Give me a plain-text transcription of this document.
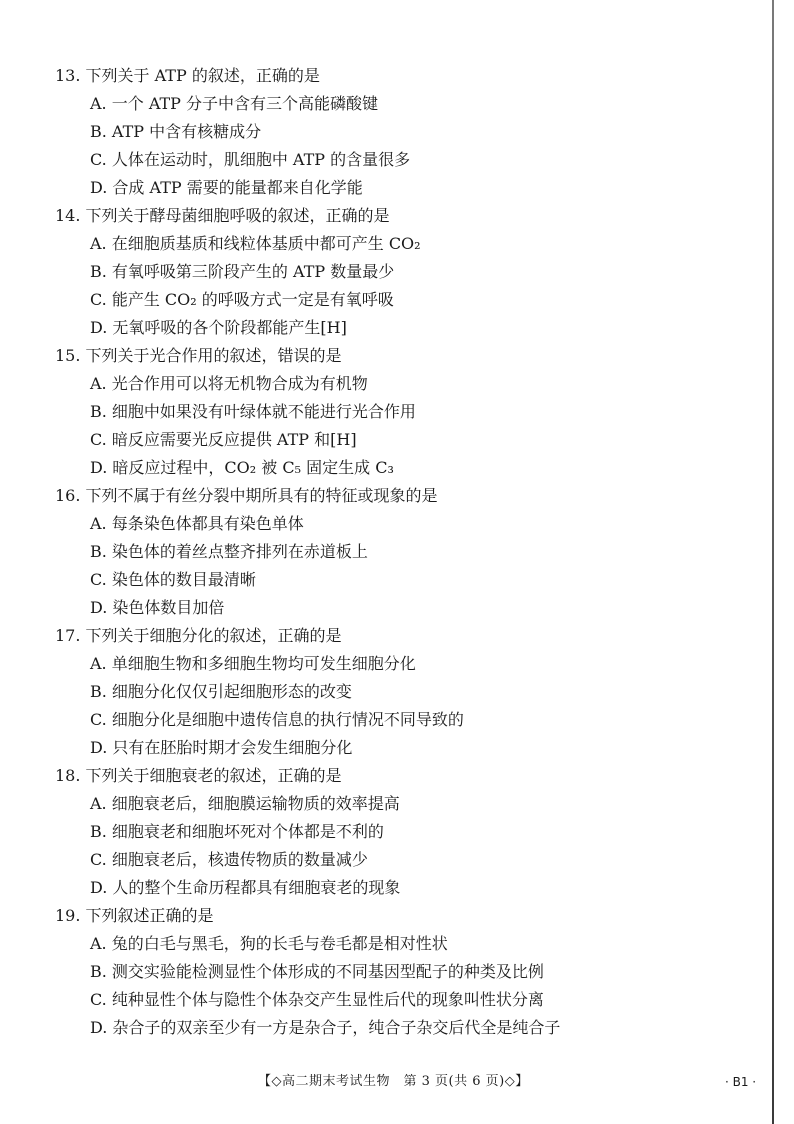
13. 下列关于 ATP 的叙述，正确的是
A. 一个 ATP 分子中含有三个高能磷酸键
B. ATP 中含有核糖成分
C. 人体在运动时，肌细胞中 ATP 的含量很多
D. 合成 ATP 需要的能量都来自化学能
14. 下列关于酵母菌细胞呼吸的叙述，正确的是
A. 在细胞质基质和线粒体基质中都可产生 CO₂
B. 有氧呼吸第三阶段产生的 ATP 数量最少
C. 能产生 CO₂ 的呼吸方式一定是有氧呼吸
D. 无氧呼吸的各个阶段都能产生[H]
15. 下列关于光合作用的叙述，错误的是
A. 光合作用可以将无机物合成为有机物
B. 细胞中如果没有叶绿体就不能进行光合作用
C. 暗反应需要光反应提供 ATP 和[H]
D. 暗反应过程中，CO₂ 被 C₅ 固定生成 C₃
16. 下列不属于有丝分裂中期所具有的特征或现象的是
A. 每条染色体都具有染色单体
B. 染色体的着丝点整齐排列在赤道板上
C. 染色体的数目最清晰
D. 染色体数目加倍
17. 下列关于细胞分化的叙述，正确的是
A. 单细胞生物和多细胞生物均可发生细胞分化
B. 细胞分化仅仅引起细胞形态的改变
C. 细胞分化是细胞中遗传信息的执行情况不同导致的
D. 只有在胚胎时期才会发生细胞分化
18. 下列关于细胞衰老的叙述，正确的是
A. 细胞衰老后，细胞膜运输物质的效率提高
B. 细胞衰老和细胞坏死对个体都是不利的
C. 细胞衰老后，核遗传物质的数量减少
D. 人的整个生命历程都具有细胞衰老的现象
19. 下列叙述正确的是
A. 兔的白毛与黑毛，狗的长毛与卷毛都是相对性状
B. 测交实验能检测显性个体形成的不同基因型配子的种类及比例
C. 纯种显性个体与隐性个体杂交产生显性后代的现象叫性状分离
D. 杂合子的双亲至少有一方是杂合子，纯合子杂交后代全是纯合子
【◇高二期末考试生物　第 3 页(共 6 页)◇】	· B1 ·
